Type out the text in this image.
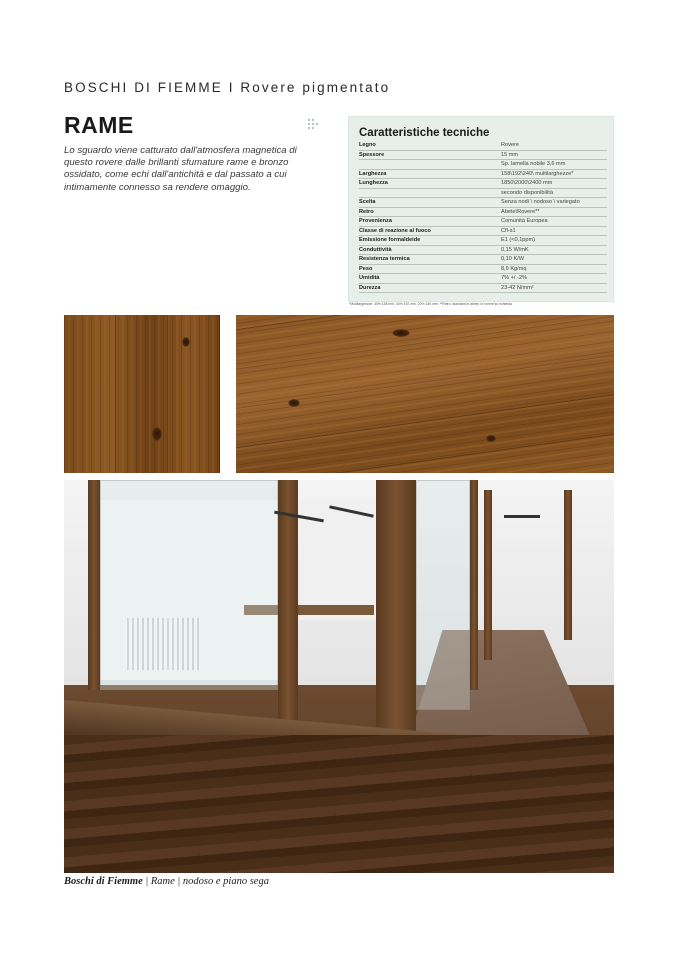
BOSCHI DI FIEMME I Rovere pigmentato
RAME

Lo sguardo viene catturato dall'atmosfera magnetica di questo rovere dalle brillanti sfumature rame e bronzo ossidato, come echi dall'antichità e dal passato a cui intimamente connesso sa rendere omaggio.

Caratteristiche tecniche
Legno	Rovere
Spessore	15 mm
Sp. lamella nobile 3,6 mm
Larghezza	158\192\240\ multilarghezze*
Lunghezza	1850\2000\2400 mm
secondo disponibilità
Scelta	Senza nodi \ nodoso \ variegato
Retro	Abete\Rovere**
Provenienza	Comunità Europea
Classe di reazione al fuoco	Cfl-s1
Emissione formaldeide	E1 (<0,1ppm)
Conduttività	0,15 W/mK
Resistenza termica	0,10 K/W
Peso	8,9 Kg/mq
Umidità	7% +/ -2%
Durezza	23-42 N/mm²
*Multilarghezze: 40% 158 mm, 40% 192 mm, 20% 240 mm. **Retro: standard in abete; in rovere su richiesta
Boschi di Fiemme | Rame | nodoso e piano sega
